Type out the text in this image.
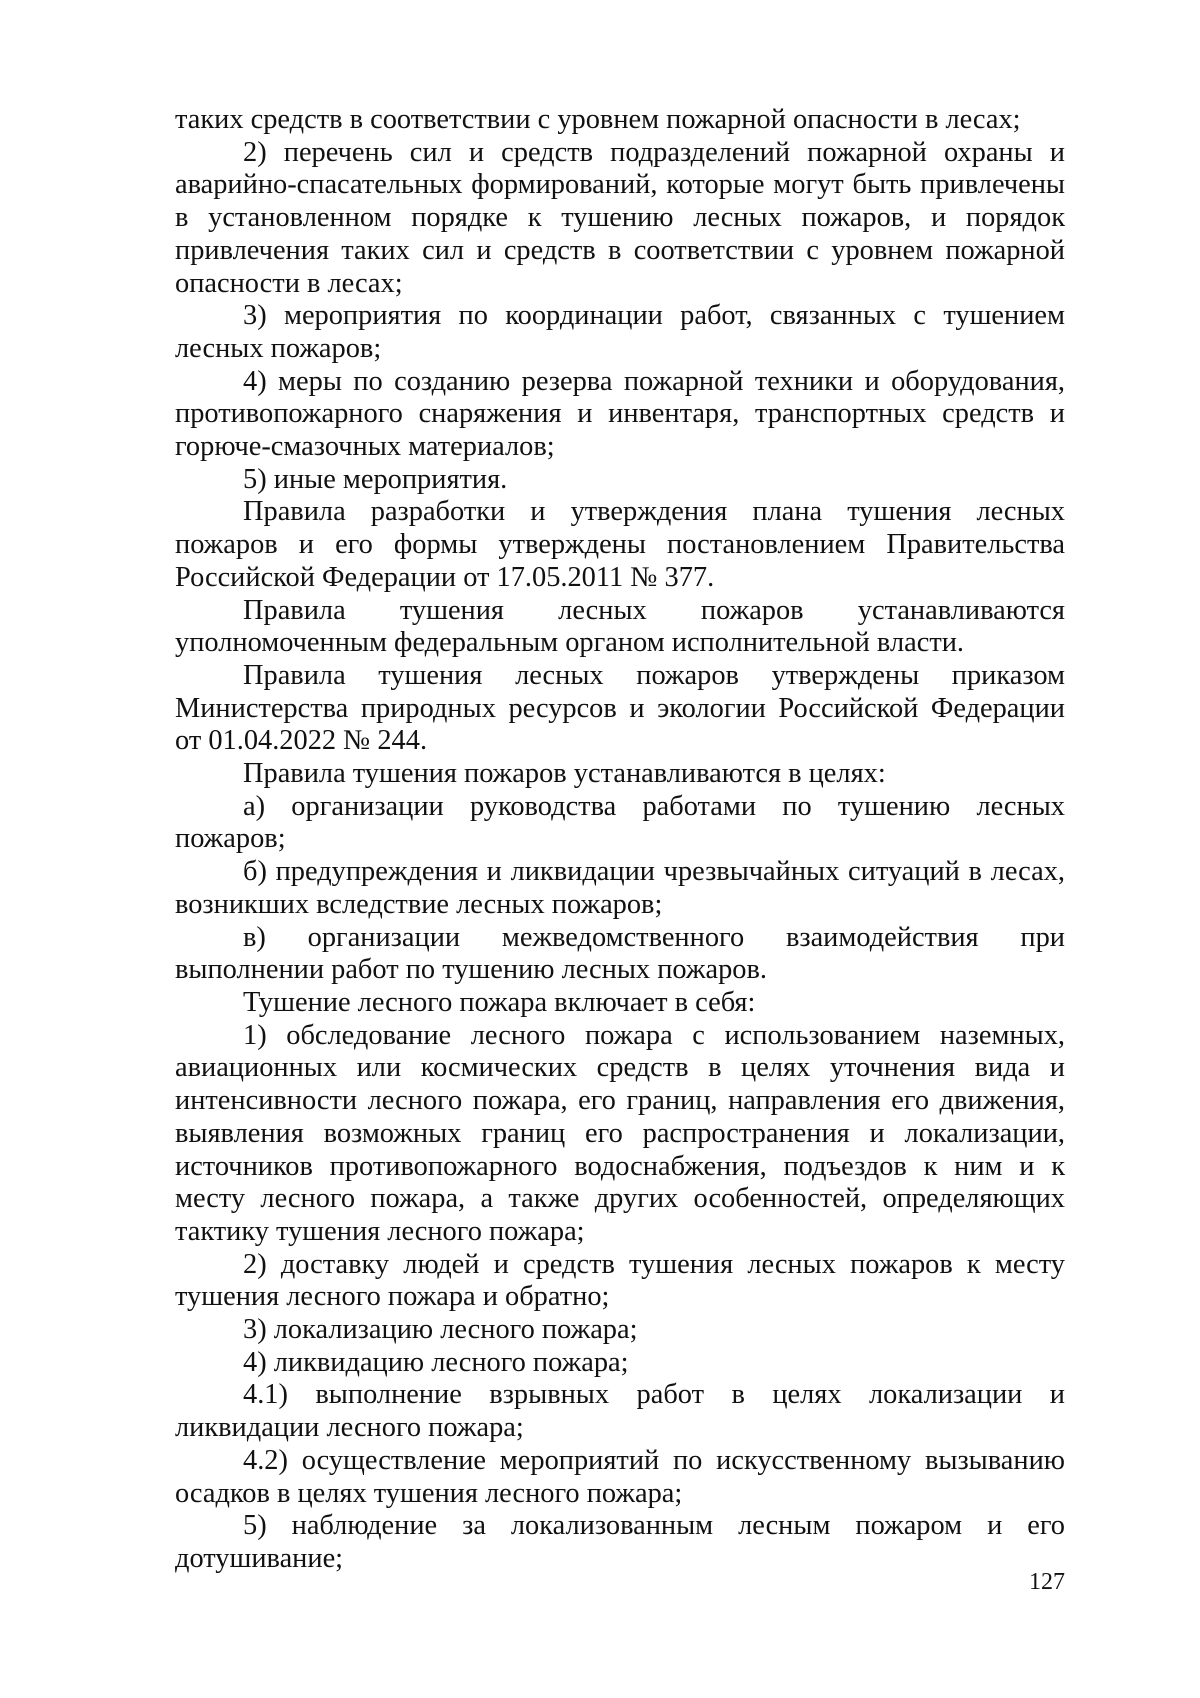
таких средств в соответствии с уровнем пожарной опасности в лесах;

2) перечень сил и средств подразделений пожарной охраны и аварийно-спасательных формирований, которые могут быть привлечены в установленном порядке к тушению лесных пожаров, и порядок привлечения таких сил и средств в соответствии с уровнем пожарной опасности в лесах;

3) мероприятия по координации работ, связанных с тушением лесных пожаров;

4) меры по созданию резерва пожарной техники и оборудования, противопожарного снаряжения и инвентаря, транспортных средств и горюче-смазочных материалов;

5) иные мероприятия.

Правила разработки и утверждения плана тушения лесных пожаров и его формы утверждены постановлением Правительства Российской Федерации от 17.05.2011 № 377.

Правила тушения лесных пожаров устанавливаются уполномоченным федеральным органом исполнительной власти.

Правила тушения лесных пожаров утверждены приказом Министерства природных ресурсов и экологии Российской Федерации от 01.04.2022 № 244.

Правила тушения пожаров устанавливаются в целях:

а) организации руководства работами по тушению лесных пожаров;

б) предупреждения и ликвидации чрезвычайных ситуаций в лесах, возникших вследствие лесных пожаров;

в) организации межведомственного взаимодействия при выполнении работ по тушению лесных пожаров.

Тушение лесного пожара включает в себя:

1) обследование лесного пожара с использованием наземных, авиационных или космических средств в целях уточнения вида и интенсивности лесного пожара, его границ, направления его движения, выявления возможных границ его распространения и локализации, источников противопожарного водоснабжения, подъездов к ним и к месту лесного пожара, а также других особенностей, определяющих тактику тушения лесного пожара;

2) доставку людей и средств тушения лесных пожаров к месту тушения лесного пожара и обратно;

3) локализацию лесного пожара;

4) ликвидацию лесного пожара;

4.1) выполнение взрывных работ в целях локализации и ликвидации лесного пожара;

4.2) осуществление мероприятий по искусственному вызыванию осадков в целях тушения лесного пожара;

5) наблюдение за локализованным лесным пожаром и его дотушивание;

127
